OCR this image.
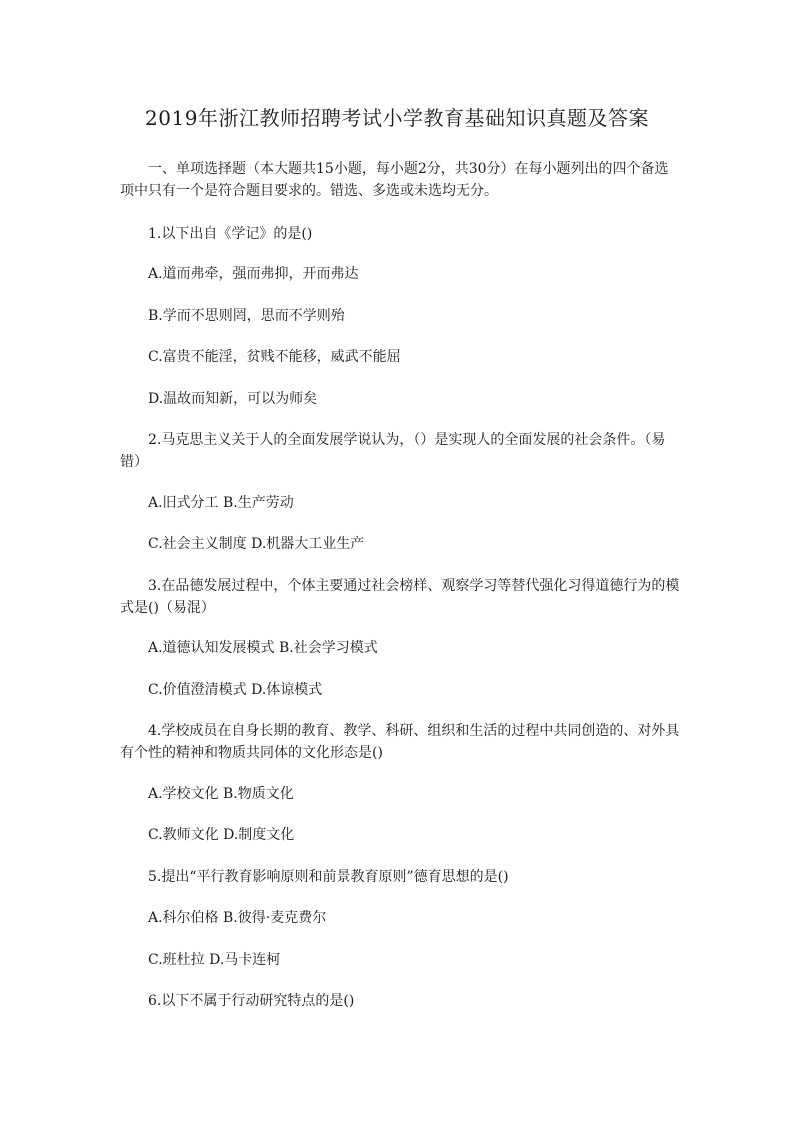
2019年浙江教师招聘考试小学教育基础知识真题及答案

一、单项选择题（本大题共15小题，每小题2分，共30分）在每小题列出的四个备选项中只有一个是符合题目要求的。错选、多选或未选均无分。

1.以下出自《学记》的是()

A.道而弗牵，强而弗抑，开而弗达

B.学而不思则罔，思而不学则殆

C.富贵不能淫，贫贱不能移，威武不能屈

D.温故而知新，可以为师矣

2.马克思主义关于人的全面发展学说认为，（）是实现人的全面发展的社会条件。（易错）

A.旧式分工 B.生产劳动

C.社会主义制度 D.机器大工业生产

3.在品德发展过程中，个体主要通过社会榜样、观察学习等替代强化习得道德行为的模式是()（易混）

A.道德认知发展模式 B.社会学习模式

C.价值澄清模式 D.体谅模式

4.学校成员在自身长期的教育、教学、科研、组织和生活的过程中共同创造的、对外具有个性的精神和物质共同体的文化形态是()

A.学校文化 B.物质文化

C.教师文化 D.制度文化

5.提出“平行教育影响原则和前景教育原则”德育思想的是()

A.科尔伯格 B.彼得·麦克费尔

C.班杜拉 D.马卡连柯

6.以下不属于行动研究特点的是()
